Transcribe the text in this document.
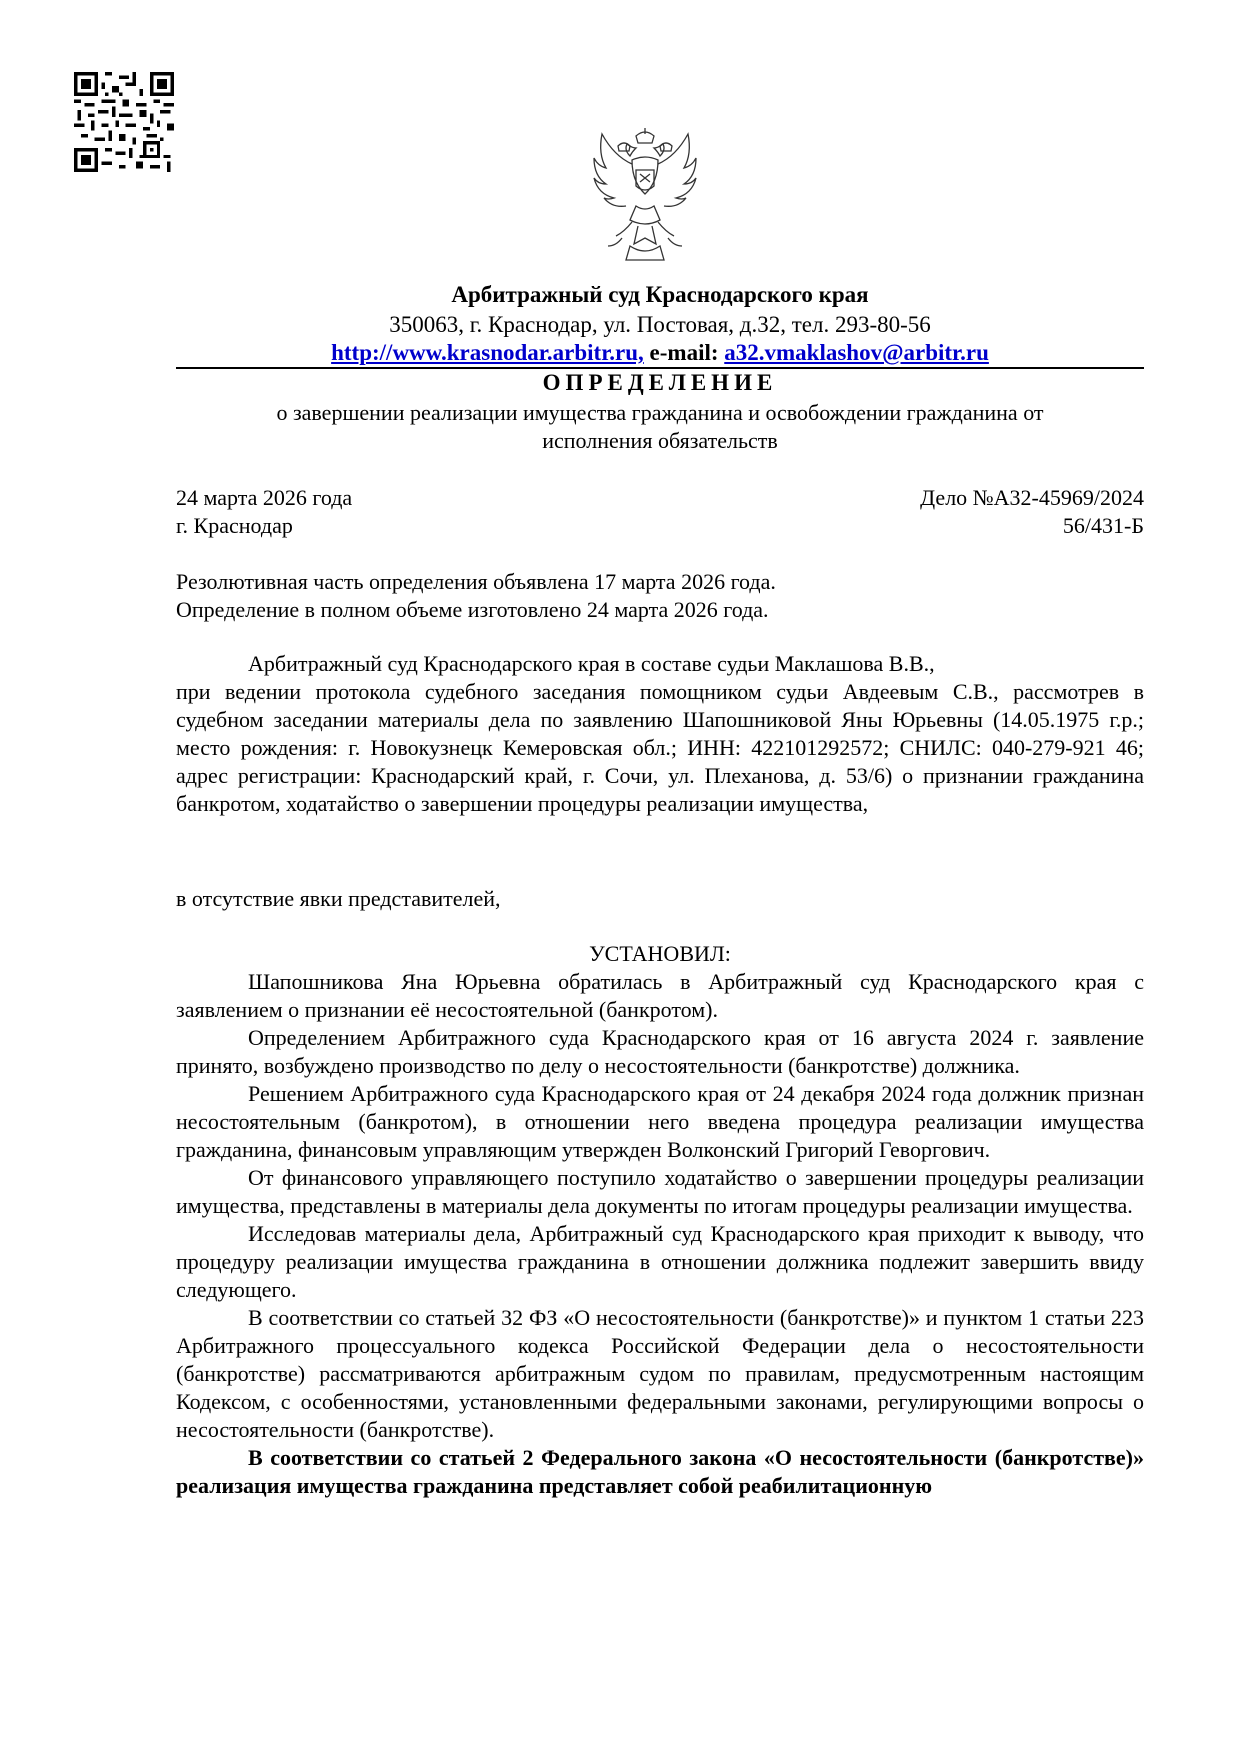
Арбитражный суд Краснодарского края
350063, г. Краснодар, ул. Постовая, д.32, тел. 293-80-56
http://www.krasnodar.arbitr.ru, e-mail: a32.vmaklashov@arbitr.ru
ОПРЕДЕЛЕНИЕ
о завершении реализации имущества гражданина и освобождении гражданина от
исполнения обязательств
24 марта 2026 года
г. Краснодар
Дело №А32-45969/2024
56/431-Б

Резолютивная часть определения объявлена 17 марта 2026 года.

Определение в полном объеме изготовлено 24 марта 2026 года.

Арбитражный суд Краснодарского края в составе судьи Маклашова В.В.,

при ведении протокола судебного заседания помощником судьи Авдеевым С.В., рассмотрев в судебном заседании материалы дела по заявлению Шапошниковой Яны Юрьевны (14.05.1975 г.р.; место рождения: г. Новокузнецк Кемеровская обл.; ИНН: 422101292572; СНИЛС: 040-279-921 46; адрес регистрации: Краснодарский край, г. Сочи, ул. Плеханова, д. 53/6) о признании гражданина банкротом, ходатайство о завершении процедуры реализации имущества,

в отсутствие явки представителей,

УСТАНОВИЛ:

Шапошникова Яна Юрьевна обратилась в Арбитражный суд Краснодарского края с заявлением о признании её несостоятельной (банкротом).

Определением Арбитражного суда Краснодарского края от 16 августа 2024 г. заявление принято, возбуждено производство по делу о несостоятельности (банкротстве) должника.

Решением Арбитражного суда Краснодарского края от 24 декабря 2024 года должник признан несостоятельным (банкротом), в отношении него введена процедура реализации имущества гражданина, финансовым управляющим утвержден Волконский Григорий Геворгович.

От финансового управляющего поступило ходатайство о завершении процедуры реализации имущества, представлены в материалы дела документы по итогам процедуры реализации имущества.

Исследовав материалы дела, Арбитражный суд Краснодарского края приходит к выводу, что процедуру реализации имущества гражданина в отношении должника подлежит завершить ввиду следующего.

В соответствии со статьей 32 ФЗ «О несостоятельности (банкротстве)» и пунктом 1 статьи 223 Арбитражного процессуального кодекса Российской Федерации дела о несостоятельности (банкротстве) рассматриваются арбитражным судом по правилам, предусмотренным настоящим Кодексом, с особенностями, установленными федеральными законами, регулирующими вопросы о несостоятельности (банкротстве).

В соответствии со статьей 2 Федерального закона «О несостоятельности (банкротстве)» реализация имущества гражданина представляет собой реабилитационную
